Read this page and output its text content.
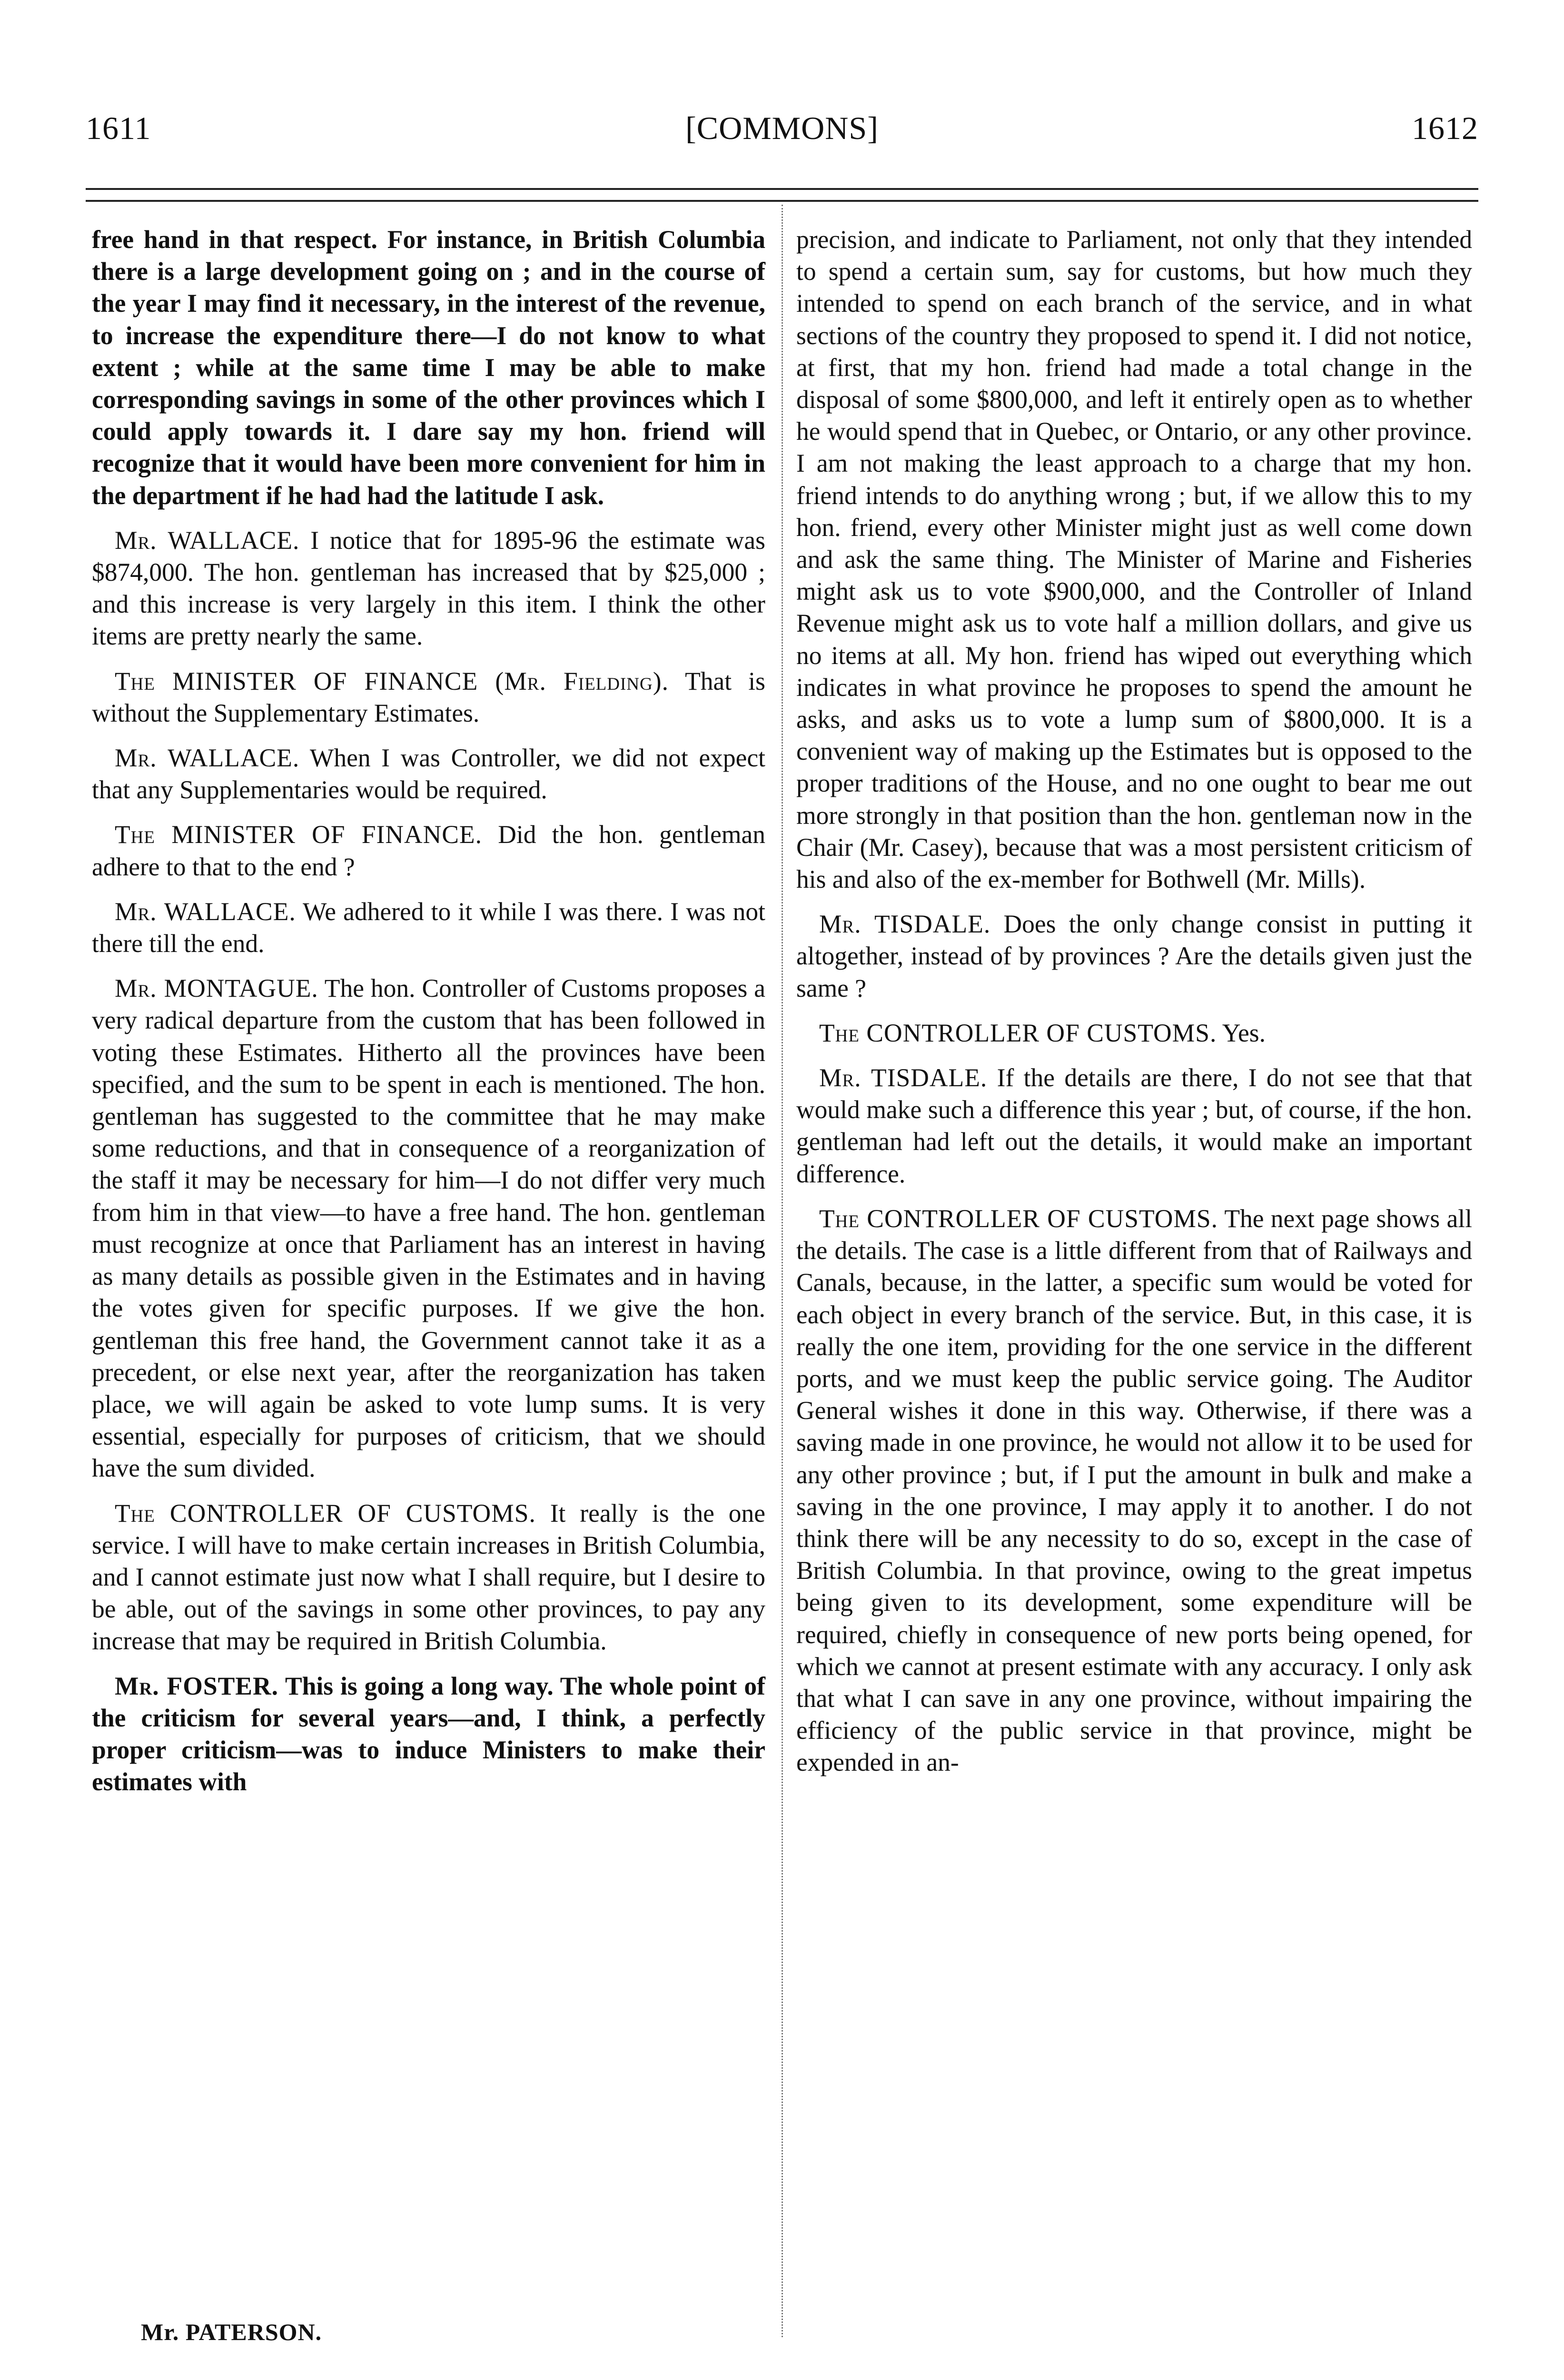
1611	[COMMONS]	1612

free hand in that respect. For instance, in British Columbia there is a large development going on ; and in the course of the year I may find it necessary, in the interest of the revenue, to increase the expenditure there—I do not know to what extent ; while at the same time I may be able to make corresponding savings in some of the other provinces which I could apply towards it. I dare say my hon. friend will recognize that it would have been more convenient for him in the department if he had had the latitude I ask.

Mr. WALLACE. I notice that for 1895-96 the estimate was $874,000. The hon. gentleman has increased that by $25,000 ; and this increase is very largely in this item. I think the other items are pretty nearly the same.

The MINISTER OF FINANCE (Mr. Fielding). That is without the Supplementary Estimates.

Mr. WALLACE. When I was Controller, we did not expect that any Supplementaries would be required.

The MINISTER OF FINANCE. Did the hon. gentleman adhere to that to the end ?

Mr. WALLACE. We adhered to it while I was there. I was not there till the end.

Mr. MONTAGUE. The hon. Controller of Customs proposes a very radical departure from the custom that has been followed in voting these Estimates. Hitherto all the provinces have been specified, and the sum to be spent in each is mentioned. The hon. gentleman has suggested to the committee that he may make some reductions, and that in consequence of a reorganization of the staff it may be necessary for him—I do not differ very much from him in that view—to have a free hand. The hon. gentleman must recognize at once that Parliament has an interest in having as many details as possible given in the Estimates and in having the votes given for specific purposes. If we give the hon. gentleman this free hand, the Government cannot take it as a precedent, or else next year, after the reorganization has taken place, we will again be asked to vote lump sums. It is very essential, especially for purposes of criticism, that we should have the sum divided.

The CONTROLLER OF CUSTOMS. It really is the one service. I will have to make certain increases in British Columbia, and I cannot estimate just now what I shall require, but I desire to be able, out of the savings in some other provinces, to pay any increase that may be required in British Columbia.

Mr. FOSTER. This is going a long way. The whole point of the criticism for several years—and, I think, a perfectly proper criticism—was to induce Ministers to make their estimates with

precision, and indicate to Parliament, not only that they intended to spend a certain sum, say for customs, but how much they intended to spend on each branch of the service, and in what sections of the country they proposed to spend it. I did not notice, at first, that my hon. friend had made a total change in the disposal of some $800,000, and left it entirely open as to whether he would spend that in Quebec, or Ontario, or any other province. I am not making the least approach to a charge that my hon. friend intends to do anything wrong ; but, if we allow this to my hon. friend, every other Minister might just as well come down and ask the same thing. The Minister of Marine and Fisheries might ask us to vote $900,000, and the Controller of Inland Revenue might ask us to vote half a million dollars, and give us no items at all. My hon. friend has wiped out everything which indicates in what province he proposes to spend the amount he asks, and asks us to vote a lump sum of $800,000. It is a convenient way of making up the Estimates but is opposed to the proper traditions of the House, and no one ought to bear me out more strongly in that position than the hon. gentleman now in the Chair (Mr. Casey), because that was a most persistent criticism of his and also of the ex-member for Bothwell (Mr. Mills).

Mr. TISDALE. Does the only change consist in putting it altogether, instead of by provinces ? Are the details given just the same ?

The CONTROLLER OF CUSTOMS. Yes.

Mr. TISDALE. If the details are there, I do not see that that would make such a difference this year ; but, of course, if the hon. gentleman had left out the details, it would make an important difference.

The CONTROLLER OF CUSTOMS. The next page shows all the details. The case is a little different from that of Railways and Canals, because, in the latter, a specific sum would be voted for each object in every branch of the service. But, in this case, it is really the one item, providing for the one service in the different ports, and we must keep the public service going. The Auditor General wishes it done in this way. Otherwise, if there was a saving made in one province, he would not allow it to be used for any other province ; but, if I put the amount in bulk and make a saving in the one province, I may apply it to another. I do not think there will be any necessity to do so, except in the case of British Columbia. In that province, owing to the great impetus being given to its development, some expenditure will be required, chiefly in consequence of new ports being opened, for which we cannot at present estimate with any accuracy. I only ask that what I can save in any one province, without impairing the efficiency of the public service in that province, might be expended in an-

Mr. PATERSON.
